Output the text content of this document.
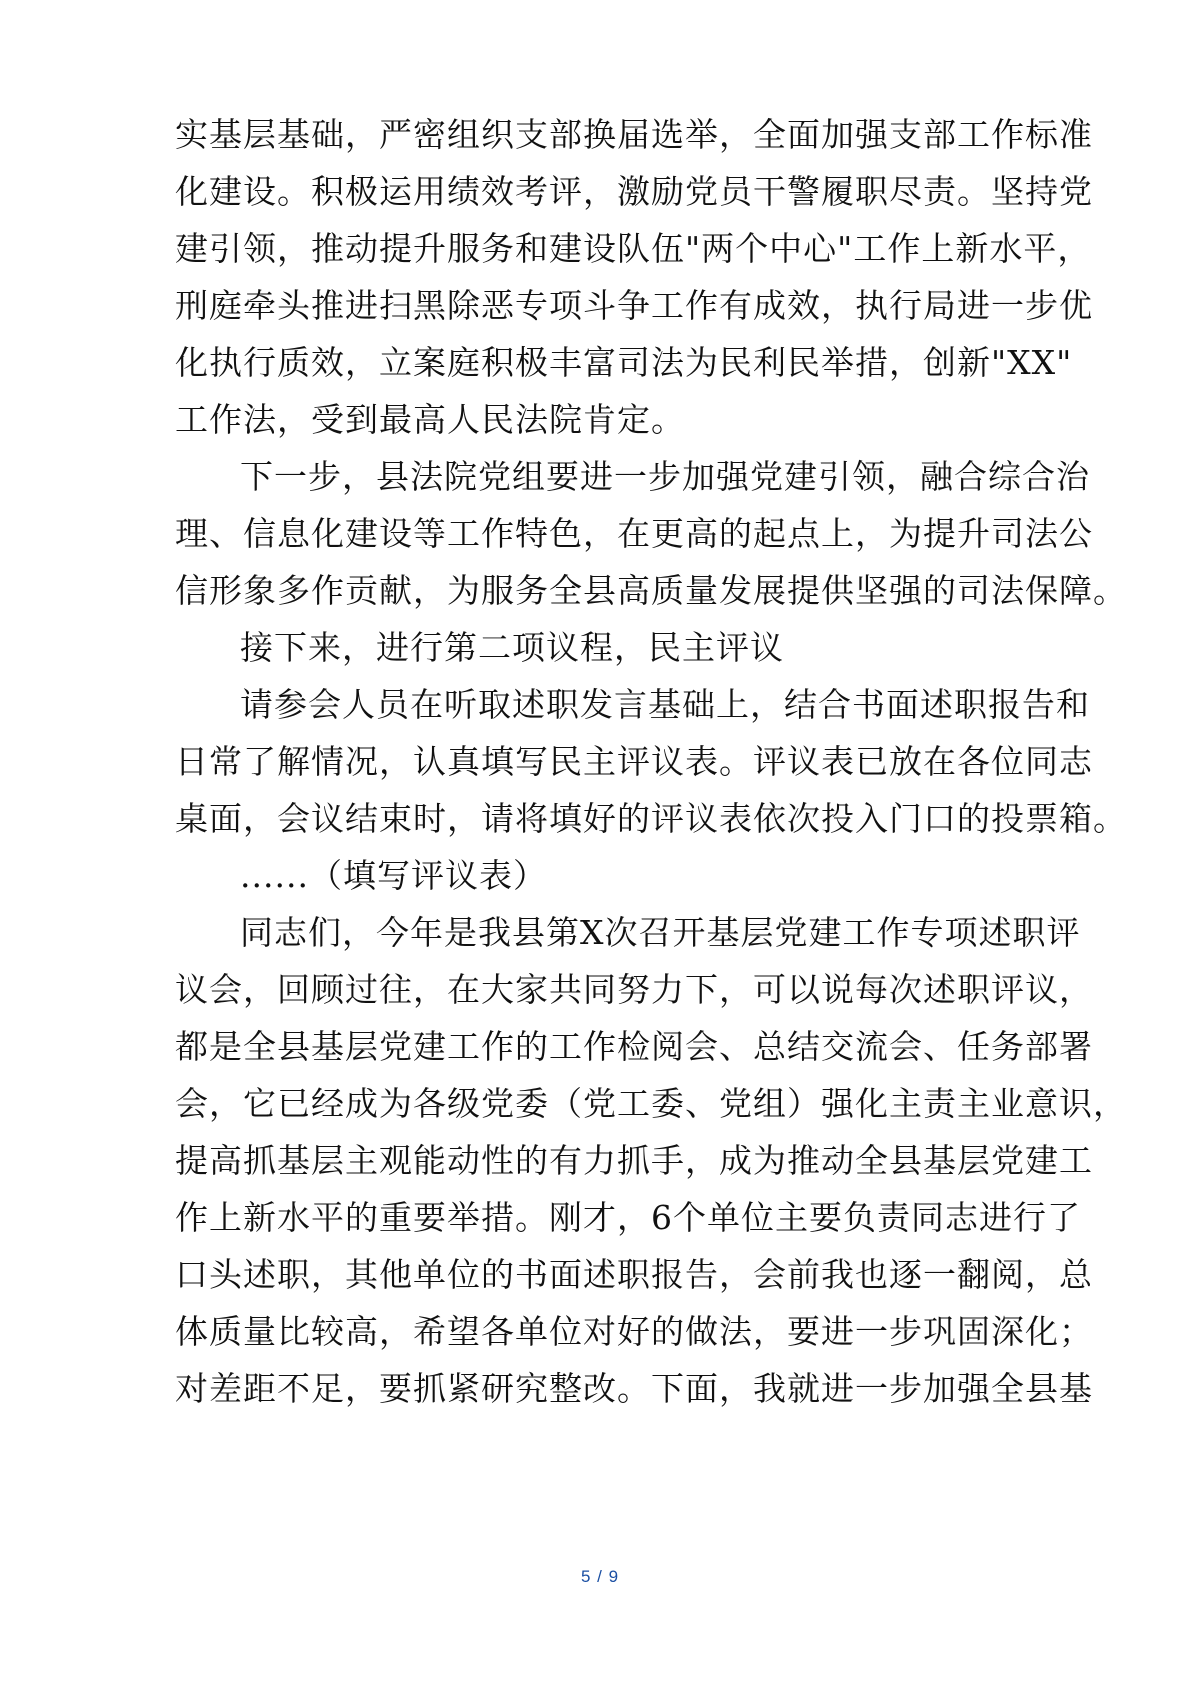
实基层基础，严密组织支部换届选举，全面加强支部工作标准
化建设。积极运用绩效考评，激励党员干警履职尽责。坚持党
建引领，推动提升服务和建设队伍"两个中心"工作上新水平，
刑庭牵头推进扫黑除恶专项斗争工作有成效，执行局进一步优
化执行质效，立案庭积极丰富司法为民利民举措，创新"XX"
工作法，受到最高人民法院肯定。
下一步，县法院党组要进一步加强党建引领，融合综合治
理、信息化建设等工作特色，在更高的起点上，为提升司法公
信形象多作贡献，为服务全县高质量发展提供坚强的司法保障。
接下来，进行第二项议程，民主评议
请参会人员在听取述职发言基础上，结合书面述职报告和
日常了解情况，认真填写民主评议表。评议表已放在各位同志
桌面，会议结束时，请将填好的评议表依次投入门口的投票箱。
......（填写评议表）
同志们，今年是我县第X次召开基层党建工作专项述职评
议会，回顾过往，在大家共同努力下，可以说每次述职评议，
都是全县基层党建工作的工作检阅会、总结交流会、任务部署
会，它已经成为各级党委（党工委、党组）强化主责主业意识，
提高抓基层主观能动性的有力抓手，成为推动全县基层党建工
作上新水平的重要举措。刚才，6个单位主要负责同志进行了
口头述职，其他单位的书面述职报告，会前我也逐一翻阅，总
体质量比较高，希望各单位对好的做法，要进一步巩固深化；
对差距不足，要抓紧研究整改。下面，我就进一步加强全县基
5 / 9
